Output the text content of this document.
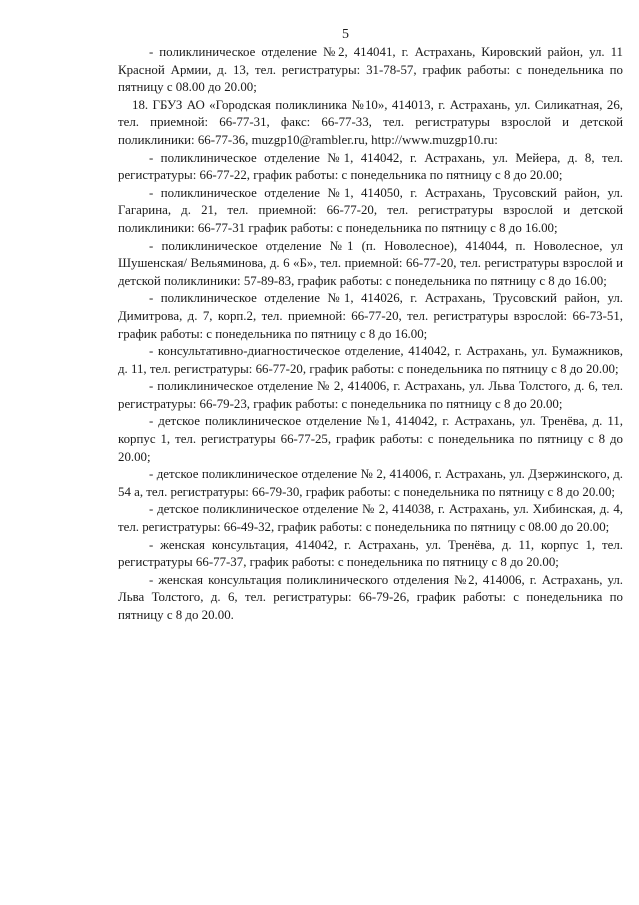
5

- поликлиническое отделение №2, 414041, г. Астрахань, Кировский район, ул. 11 Красной Армии, д. 13, тел. регистратуры: 31-78-57, график работы: с понедельника по пятницу с 08.00 до 20.00;

18. ГБУЗ АО «Городская поликлиника №10», 414013, г. Астрахань, ул. Силикатная, 26, тел. приемной: 66-77-31, факс: 66-77-33, тел. регистратуры взрослой и детской поликлиники: 66-77-36, muzgp10@rambler.ru, http://www.muzgp10.ru:

- поликлиническое отделение №1, 414042, г. Астрахань, ул. Мейера, д. 8, тел. регистратуры: 66-77-22, график работы: с понедельника по пятницу с 8 до 20.00;

- поликлиническое отделение №1, 414050, г. Астрахань, Трусовский район, ул. Гагарина, д. 21, тел. приемной: 66-77-20, тел. регистратуры взрослой и детской поликлиники: 66-77-31 график работы: с понедельника по пятницу с 8 до 16.00;

- поликлиническое отделение №1 (п. Новолесное), 414044, п. Новолесное, ул Шушенская/ Вельяминова, д. 6 «Б», тел. приемной: 66-77-20, тел. регистратуры взрослой и детской поликлиники: 57-89-83, график работы: с понедельника по пятницу с 8 до 16.00;

- поликлиническое отделение №1, 414026, г. Астрахань, Трусовский район, ул. Димитрова, д. 7, корп.2, тел. приемной: 66-77-20, тел. регистратуры взрослой: 66-73-51, график работы: с понедельника по пятницу с 8 до 16.00;

- консультативно-диагностическое отделение, 414042, г. Астрахань, ул. Бумажников, д. 11, тел. регистратуры: 66-77-20, график работы: с понедельника по пятницу с 8 до 20.00;

- поликлиническое отделение № 2, 414006, г. Астрахань, ул. Льва Толстого, д. 6, тел. регистратуры: 66-79-23, график работы: с понедельника по пятницу с 8 до 20.00;

- детское поликлиническое отделение №1, 414042, г. Астрахань, ул. Тренёва, д. 11, корпус 1, тел. регистратуры 66-77-25, график работы: с понедельника по пятницу с 8 до 20.00;

- детское поликлиническое отделение № 2, 414006, г. Астрахань, ул. Дзержинского, д. 54 а, тел. регистратуры: 66-79-30, график работы: с понедельника по пятницу с 8 до 20.00;

- детское поликлиническое отделение № 2, 414038, г. Астрахань, ул. Хибинская, д. 4, тел. регистратуры: 66-49-32, график работы: с понедельника по пятницу с 08.00 до 20.00;

- женская консультация, 414042, г. Астрахань, ул. Тренёва, д. 11, корпус 1, тел. регистратуры 66-77-37, график работы: с понедельника по пятницу с 8 до 20.00;

- женская консультация поликлинического отделения №2, 414006, г. Астрахань, ул. Льва Толстого, д. 6, тел. регистратуры: 66-79-26, график работы: с понедельника по пятницу с 8 до 20.00.
